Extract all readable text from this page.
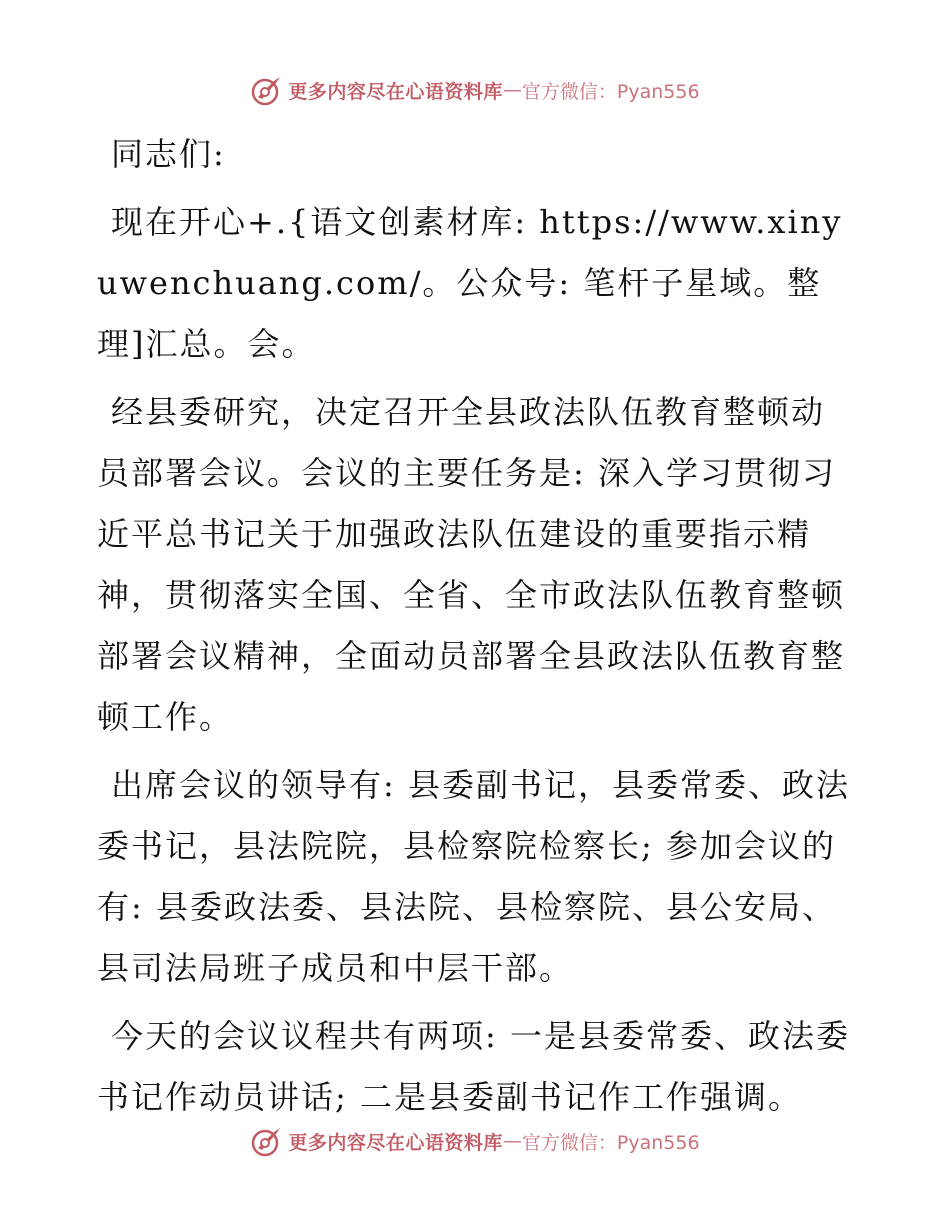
更多内容尽在心语资料库 — 官方微信：Pyan556

同志们:

现在开心+.{语文创素材库: https://www.xinyuwenchuang.com/。公众号: 笔杆子星域。整理]汇总。会。

经县委研究，决定召开全县政法队伍教育整顿动员部署会议。会议的主要任务是: 深入学习贯彻习近平总书记关于加强政法队伍建设的重要指示精神，贯彻落实全国、全省、全市政法队伍教育整顿部署会议精神，全面动员部署全县政法队伍教育整顿工作。

出席会议的领导有: 县委副书记，县委常委、政法委书记，县法院院，县检察院检察长; 参加会议的有: 县委政法委、县法院、县检察院、县公安局、县司法局班子成员和中层干部。

今天的会议议程共有两项: 一是县委常委、政法委书记作动员讲话; 二是县委副书记作工作强调。

更多内容尽在心语资料库 — 官方微信：Pyan556
